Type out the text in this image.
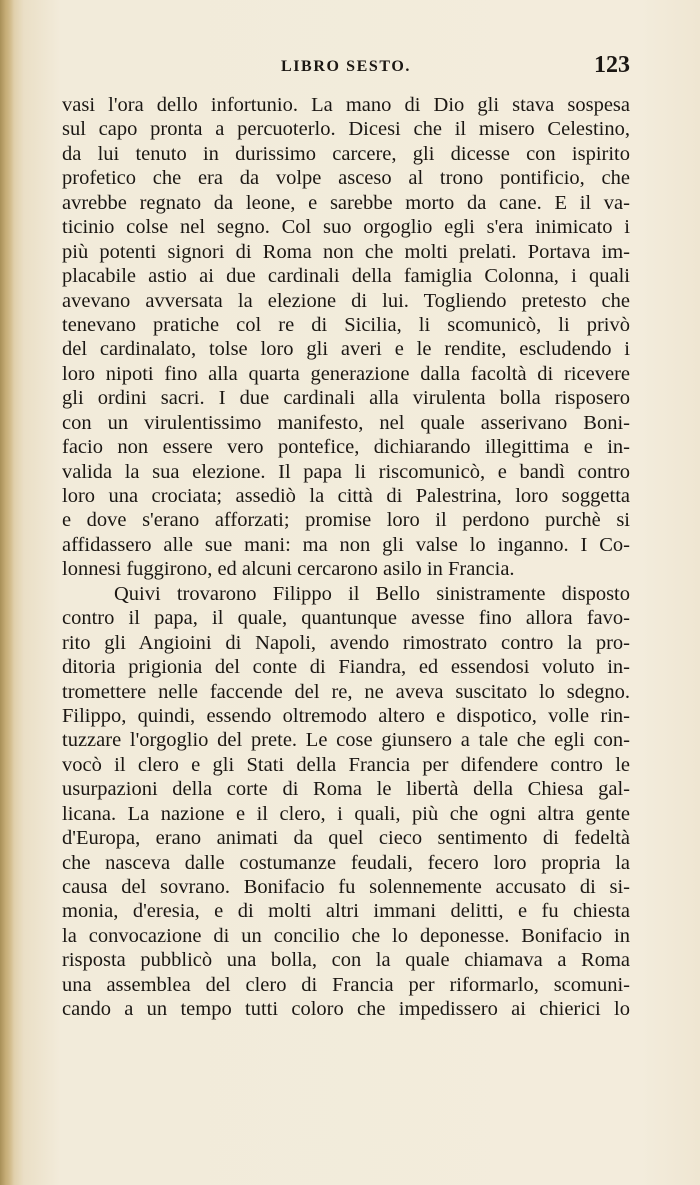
LIBRO SESTO.	123
vasi l'ora dello infortunio. La mano di Dio gli stava sospesa
sul capo pronta a percuoterlo. Dicesi che il misero Celestino,
da lui tenuto in durissimo carcere, gli dicesse con ispirito
profetico che era da volpe asceso al trono pontificio, che
avrebbe regnato da leone, e sarebbe morto da cane. E il va-
ticinio colse nel segno. Col suo orgoglio egli s'era inimicato i
più potenti signori di Roma non che molti prelati. Portava im-
placabile astio ai due cardinali della famiglia Colonna, i quali
avevano avversata la elezione di lui. Togliendo pretesto che
tenevano pratiche col re di Sicilia, li scomunicò, li privò
del cardinalato, tolse loro gli averi e le rendite, escludendo i
loro nipoti fino alla quarta generazione dalla facoltà di ricevere
gli ordini sacri. I due cardinali alla virulenta bolla risposero
con un virulentissimo manifesto, nel quale asserivano Boni-
facio non essere vero pontefice, dichiarando illegittima e in-
valida la sua elezione. Il papa li riscomunicò, e bandì contro
loro una crociata; assediò la città di Palestrina, loro soggetta
e dove s'erano afforzati; promise loro il perdono purchè si
affidassero alle sue mani: ma non gli valse lo inganno. I Co-
lonnesi fuggirono, ed alcuni cercarono asilo in Francia.
Quivi trovarono Filippo il Bello sinistramente disposto
contro il papa, il quale, quantunque avesse fino allora favo-
rito gli Angioini di Napoli, avendo rimostrato contro la pro-
ditoria prigionia del conte di Fiandra, ed essendosi voluto in-
tromettere nelle faccende del re, ne aveva suscitato lo sdegno.
Filippo, quindi, essendo oltremodo altero e dispotico, volle rin-
tuzzare l'orgoglio del prete. Le cose giunsero a tale che egli con-
vocò il clero e gli Stati della Francia per difendere contro le
usurpazioni della corte di Roma le libertà della Chiesa gal-
licana. La nazione e il clero, i quali, più che ogni altra gente
d'Europa, erano animati da quel cieco sentimento di fedeltà
che nasceva dalle costumanze feudali, fecero loro propria la
causa del sovrano. Bonifacio fu solennemente accusato di si-
monia, d'eresia, e di molti altri immani delitti, e fu chiesta
la convocazione di un concilio che lo deponesse. Bonifacio in
risposta pubblicò una bolla, con la quale chiamava a Roma
una assemblea del clero di Francia per riformarlo, scomuni-
cando a un tempo tutti coloro che impedissero ai chierici lo
